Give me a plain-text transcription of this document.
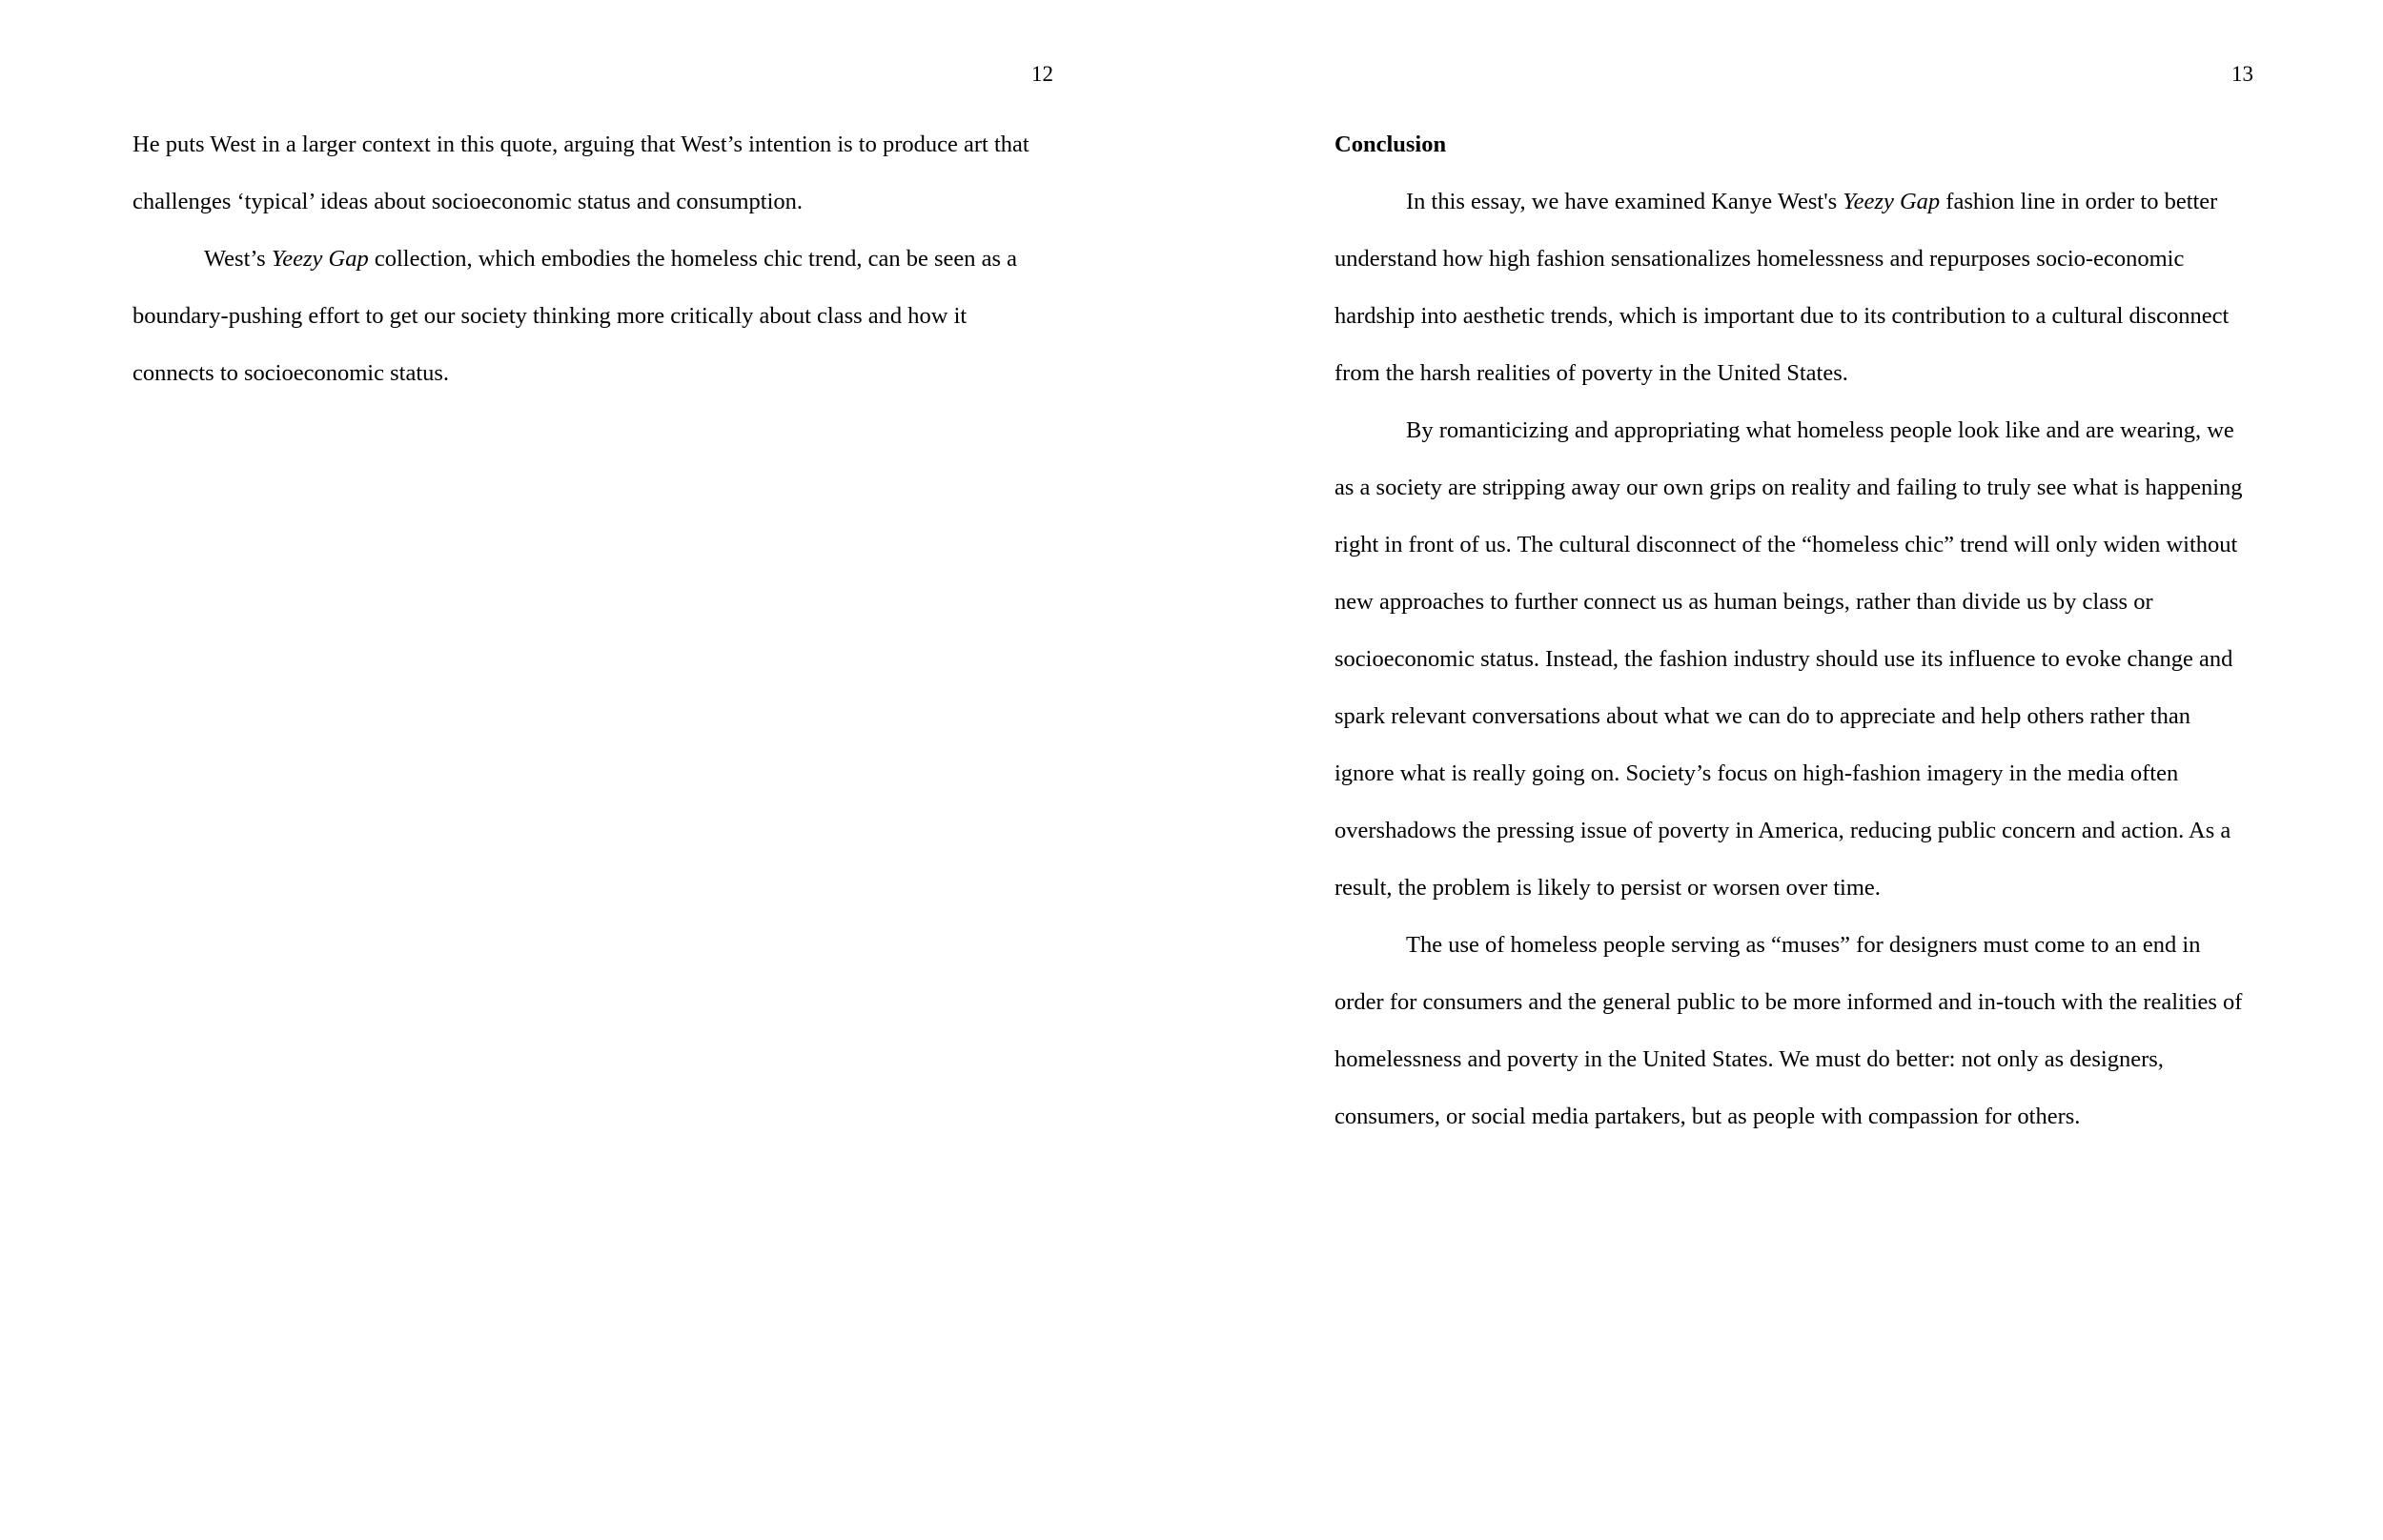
12
He puts West in a larger context in this quote, arguing that West’s intention is to produce art that
challenges ‘typical’ ideas about socioeconomic status and consumption.
West’s Yeezy Gap collection, which embodies the homeless chic trend, can be seen as a
boundary-pushing effort to get our society thinking more critically about class and how it
connects to socioeconomic status.
13
Conclusion
In this essay, we have examined Kanye West's Yeezy Gap fashion line in order to better
understand how high fashion sensationalizes homelessness and repurposes socio-economic
hardship into aesthetic trends, which is important due to its contribution to a cultural disconnect
from the harsh realities of poverty in the United States.
By romanticizing and appropriating what homeless people look like and are wearing, we
as a society are stripping away our own grips on reality and failing to truly see what is happening
right in front of us. The cultural disconnect of the “homeless chic” trend will only widen without
new approaches to further connect us as human beings, rather than divide us by class or
socioeconomic status. Instead, the fashion industry should use its influence to evoke change and
spark relevant conversations about what we can do to appreciate and help others rather than
ignore what is really going on. Society’s focus on high-fashion imagery in the media often
overshadows the pressing issue of poverty in America, reducing public concern and action. As a
result, the problem is likely to persist or worsen over time.
The use of homeless people serving as “muses” for designers must come to an end in
order for consumers and the general public to be more informed and in-touch with the realities of
homelessness and poverty in the United States. We must do better: not only as designers,
consumers, or social media partakers, but as people with compassion for others.
